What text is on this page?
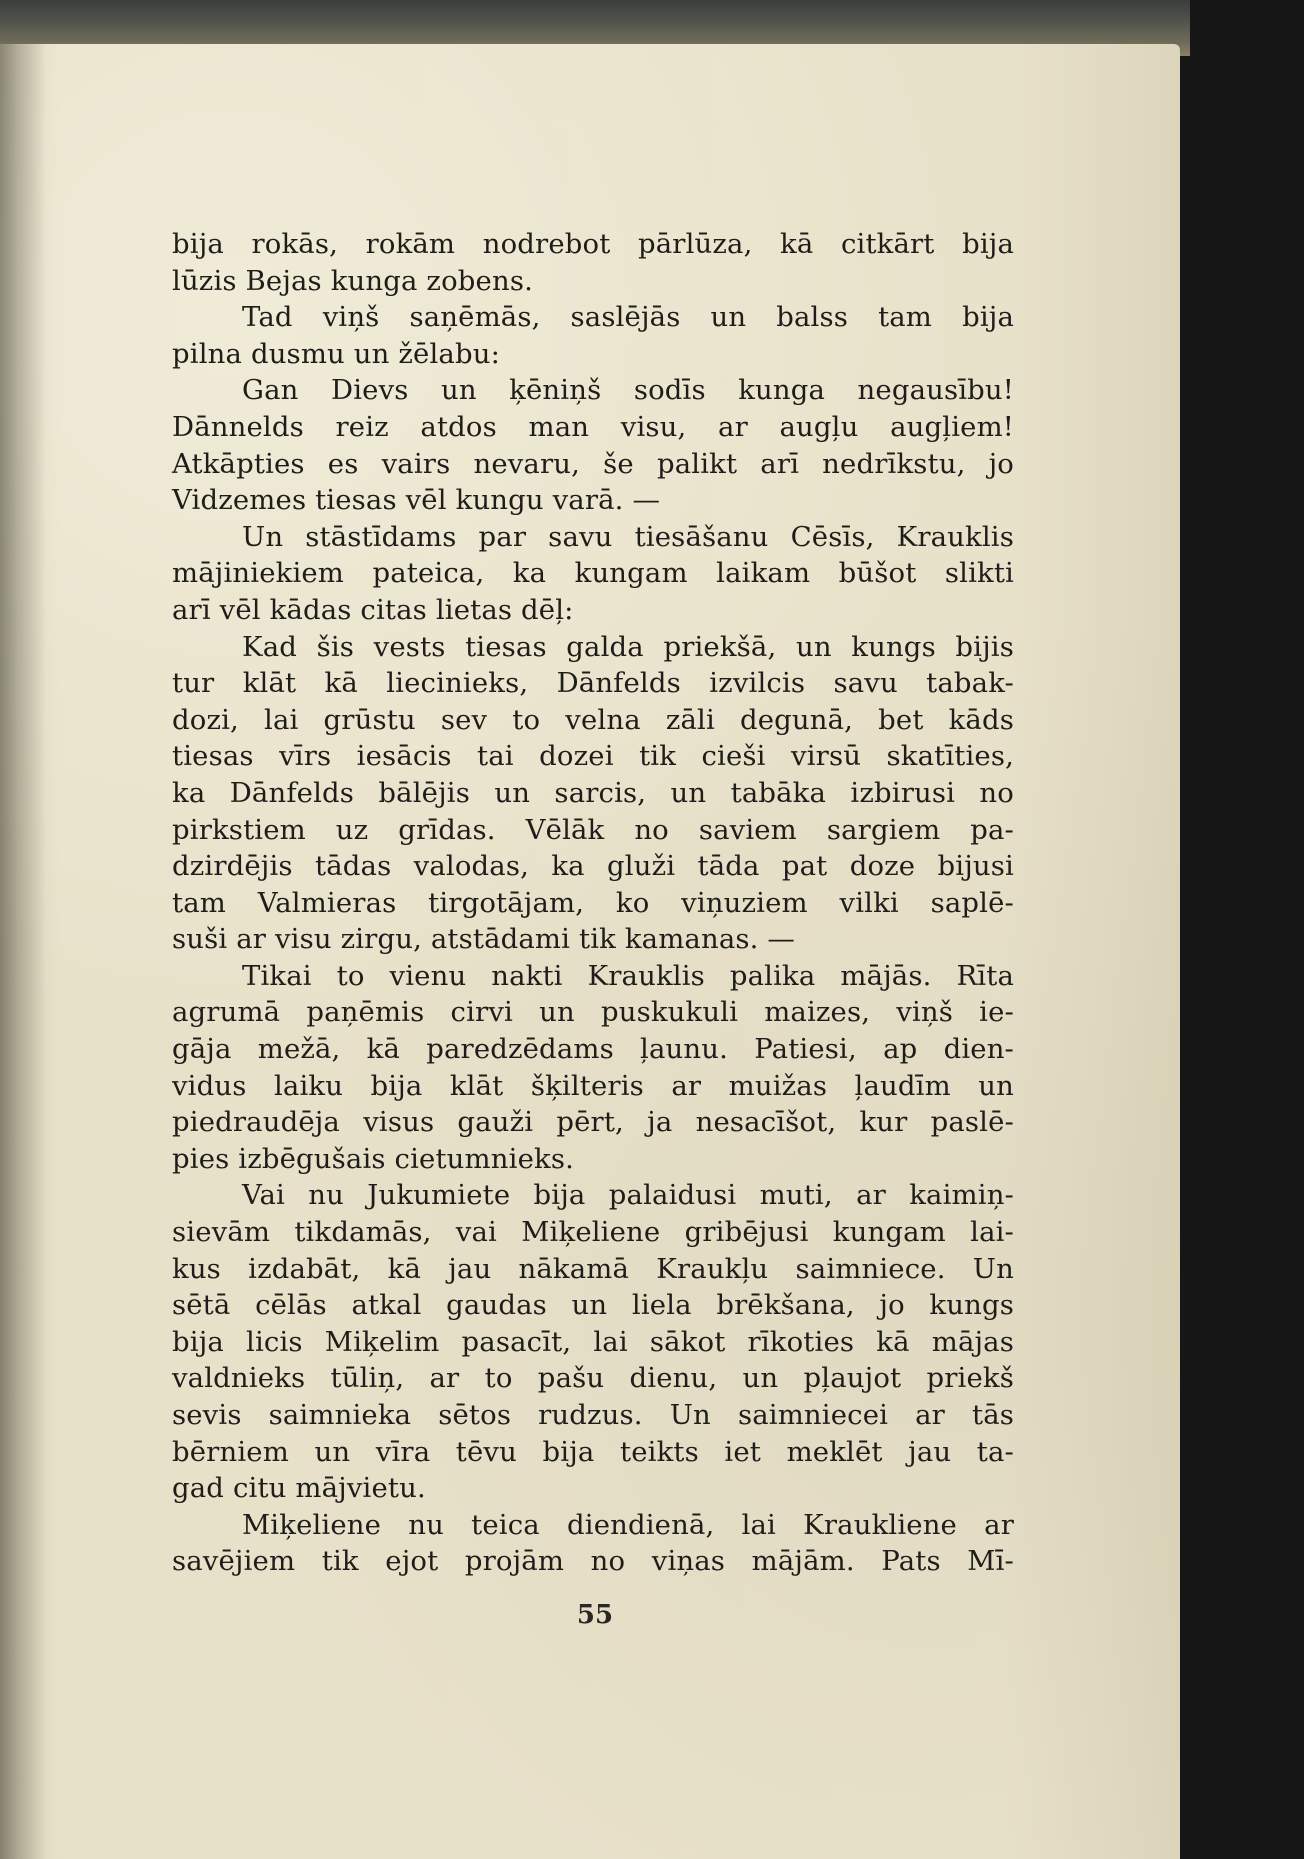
bija rokās, rokām nodrebot pārlūza, kā citkārt bija
lūzis Bejas kunga zobens.
Tad viņš saņēmās, saslējās un balss tam bija
pilna dusmu un žēlabu:
Gan Dievs un ķēniņš sodīs kunga negausību!
Dānnelds reiz atdos man visu, ar augļu augļiem!
Atkāpties es vairs nevaru, še palikt arī nedrīkstu, jo
Vidzemes tiesas vēl kungu varā. —
Un stāstīdams par savu tiesāšanu Cēsīs, Krauklis
mājiniekiem pateica, ka kungam laikam būšot slikti
arī vēl kādas citas lietas dēļ:
Kad šis vests tiesas galda priekšā, un kungs bijis
tur klāt kā liecinieks, Dānfelds izvilcis savu tabak-
dozi, lai grūstu sev to velna zāli degunā, bet kāds
tiesas vīrs iesācis tai dozei tik cieši virsū skatīties,
ka Dānfelds bālējis un sarcis, un tabāka izbirusi no
pirkstiem uz grīdas. Vēlāk no saviem sargiem pa-
dzirdējis tādas valodas, ka gluži tāda pat doze bijusi
tam Valmieras tirgotājam, ko viņuziem vilki saplē-
suši ar visu zirgu, atstādami tik kamanas. —
Tikai to vienu nakti Krauklis palika mājās. Rīta
agrumā paņēmis cirvi un puskukuli maizes, viņš ie-
gāja mežā, kā paredzēdams ļaunu. Patiesi, ap dien-
vidus laiku bija klāt šķilteris ar muižas ļaudīm un
piedraudēja visus gauži pērt, ja nesacīšot, kur paslē-
pies izbēgušais cietumnieks.
Vai nu Jukumiete bija palaidusi muti, ar kaimiņ-
sievām tikdamās, vai Miķeliene gribējusi kungam lai-
kus izdabāt, kā jau nākamā Kraukļu saimniece. Un
sētā cēlās atkal gaudas un liela brēkšana, jo kungs
bija licis Miķelim pasacīt, lai sākot rīkoties kā mājas
valdnieks tūliņ, ar to pašu dienu, un pļaujot priekš
sevis saimnieka sētos rudzus. Un saimniecei ar tās
bērniem un vīra tēvu bija teikts iet meklēt jau ta-
gad citu mājvietu.
Miķeliene nu teica diendienā, lai Kraukliene ar
savējiem tik ejot projām no viņas mājām. Pats Mī-
55
